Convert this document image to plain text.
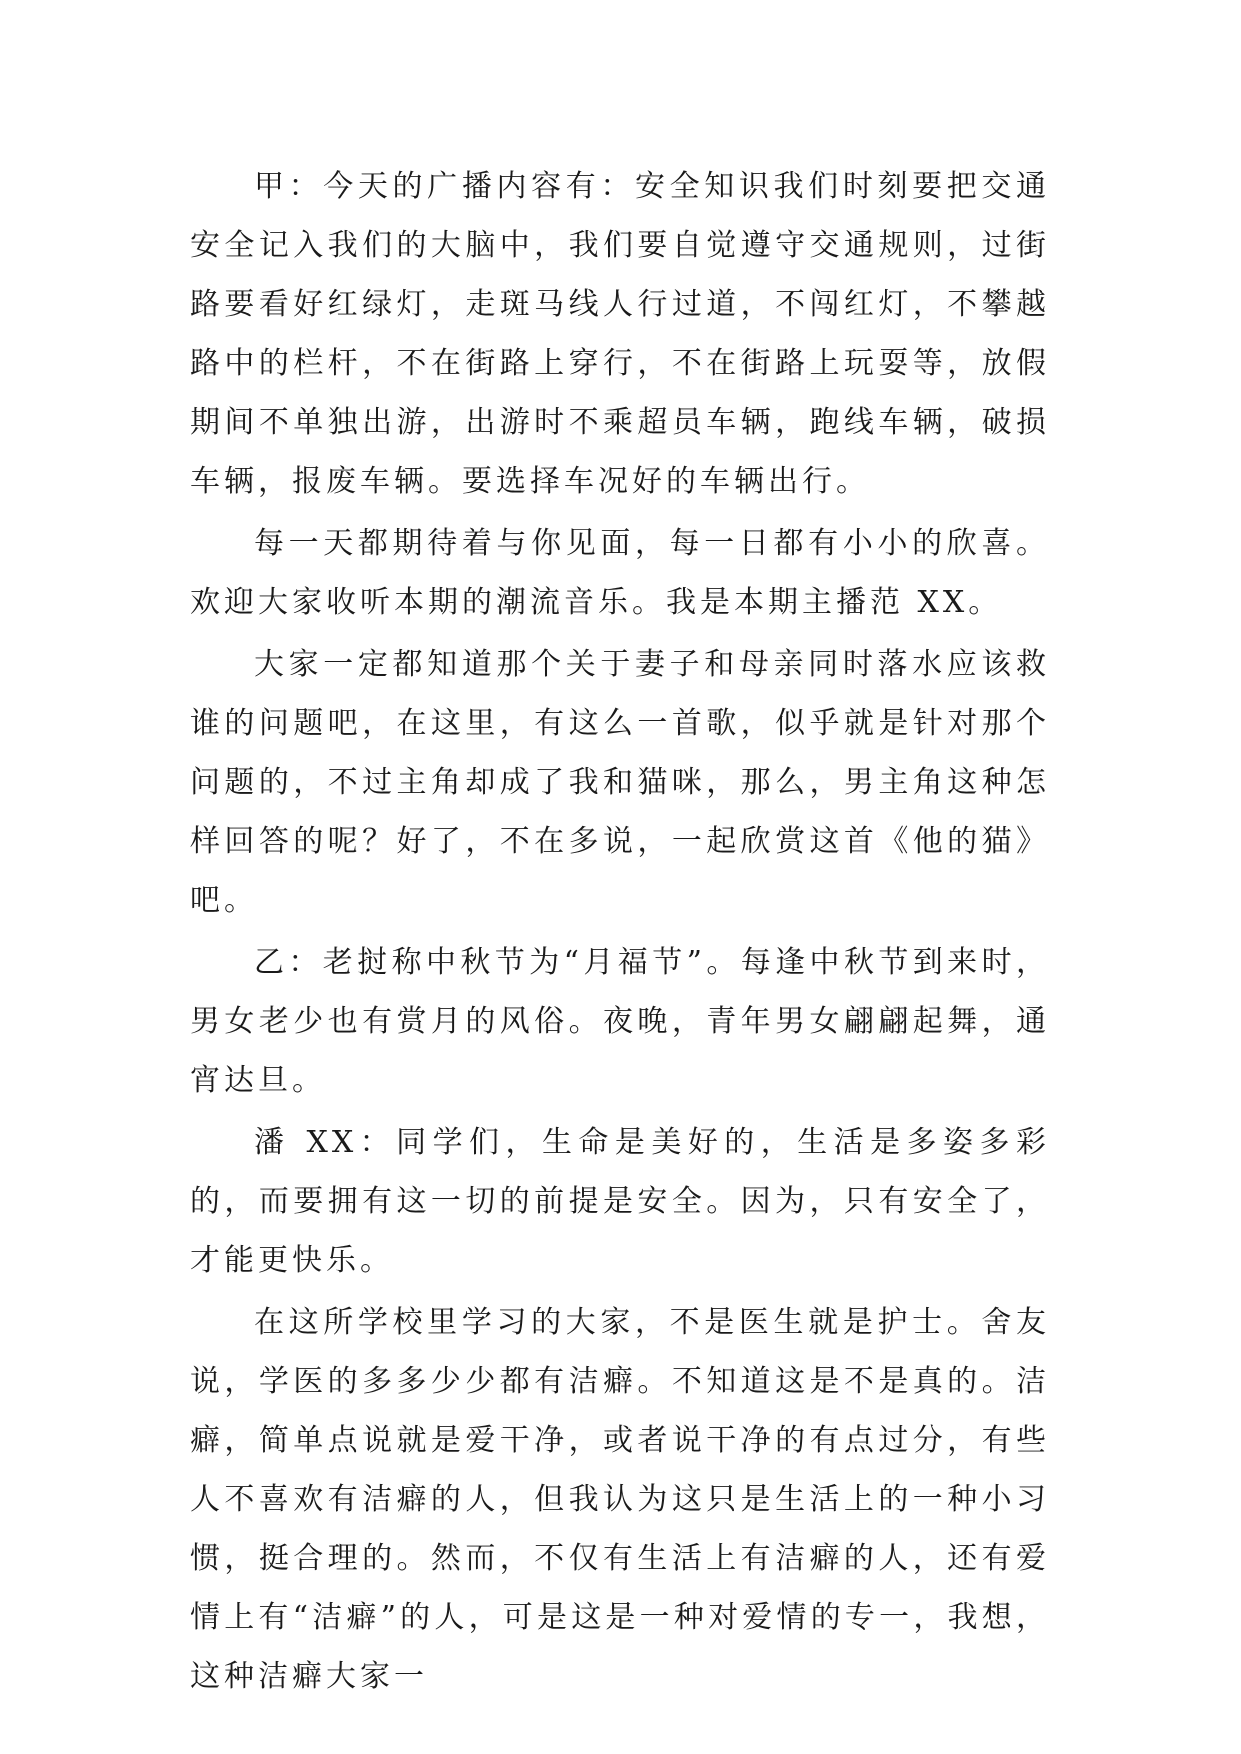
甲：今天的广播内容有：安全知识我们时刻要把交通安全记入我们的大脑中，我们要自觉遵守交通规则，过街路要看好红绿灯，走斑马线人行过道，不闯红灯，不攀越路中的栏杆，不在街路上穿行，不在街路上玩耍等，放假期间不单独出游，出游时不乘超员车辆，跑线车辆，破损车辆，报废车辆。要选择车况好的车辆出行。

每一天都期待着与你见面，每一日都有小小的欣喜。欢迎大家收听本期的潮流音乐。我是本期主播范 XX。

大家一定都知道那个关于妻子和母亲同时落水应该救谁的问题吧，在这里，有这么一首歌，似乎就是针对那个问题的，不过主角却成了我和猫咪，那么，男主角这种怎样回答的呢？好了，不在多说，一起欣赏这首《他的猫》吧。

乙：老挝称中秋节为“月福节”。每逢中秋节到来时，男女老少也有赏月的风俗。夜晚，青年男女翩翩起舞，通宵达旦。

潘 XX：同学们，生命是美好的，生活是多姿多彩的，而要拥有这一切的前提是安全。因为，只有安全了，才能更快乐。

在这所学校里学习的大家，不是医生就是护士。舍友说，学医的多多少少都有洁癖。不知道这是不是真的。洁癖，简单点说就是爱干净，或者说干净的有点过分，有些人不喜欢有洁癖的人，但我认为这只是生活上的一种小习惯，挺合理的。然而，不仅有生活上有洁癖的人，还有爱情上有“洁癖”的人，可是这是一种对爱情的专一，我想，这种洁癖大家一
